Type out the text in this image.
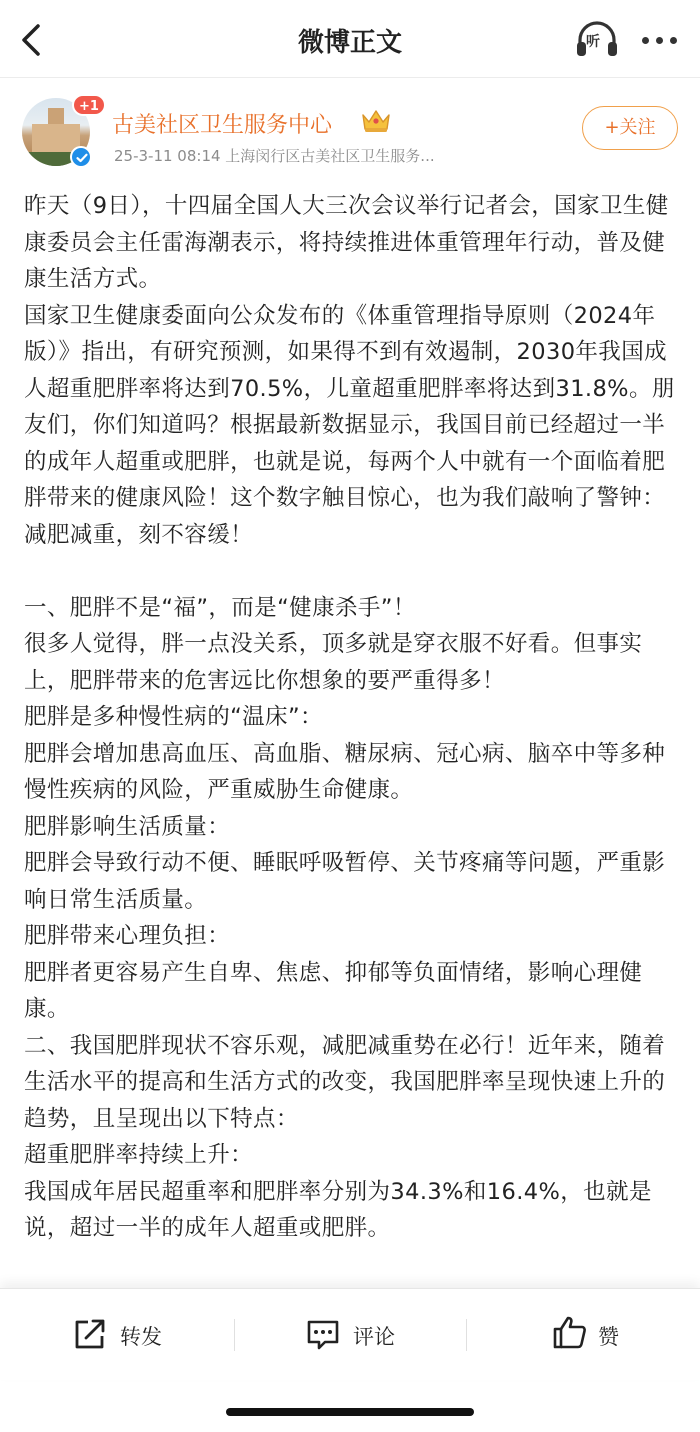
微博正文	听
+1
古美社区卫生服务中心
25-3-11 08:14 上海闵行区古美社区卫生服务...
+关注

昨天（9日），十四届全国人大三次会议举行记者会，国家卫生健康委员会主任雷海潮表示，将持续推进体重管理年行动，普及健康生活方式。

国家卫生健康委面向公众发布的《体重管理指导原则（2024年版）》指出，有研究预测，如果得不到有效遏制，2030年我国成人超重肥胖率将达到70.5%，儿童超重肥胖率将达到31.8%。朋友们，你们知道吗？根据最新数据显示，我国目前已经超过一半的成年人超重或肥胖，也就是说，每两个人中就有一个面临着肥胖带来的健康风险！这个数字触目惊心，也为我们敲响了警钟：减肥减重，刻不容缓！

一、肥胖不是“福”，而是“健康杀手”！

很多人觉得，胖一点没关系，顶多就是穿衣服不好看。但事实上，肥胖带来的危害远比你想象的要严重得多！

肥胖是多种慢性病的“温床”：

肥胖会增加患高血压、高血脂、糖尿病、冠心病、脑卒中等多种慢性疾病的风险，严重威胁生命健康。

肥胖影响生活质量：

肥胖会导致行动不便、睡眠呼吸暂停、关节疼痛等问题，严重影响日常生活质量。

肥胖带来心理负担：

肥胖者更容易产生自卑、焦虑、抑郁等负面情绪，影响心理健康。

二、我国肥胖现状不容乐观，减肥减重势在必行！近年来，随着生活水平的提高和生活方式的改变，我国肥胖率呈现快速上升的趋势，且呈现出以下特点：

超重肥胖率持续上升：

我国成年居民超重率和肥胖率分别为34.3%和16.4%，也就是说，超过一半的成年人超重或肥胖。

转发	评论	赞
